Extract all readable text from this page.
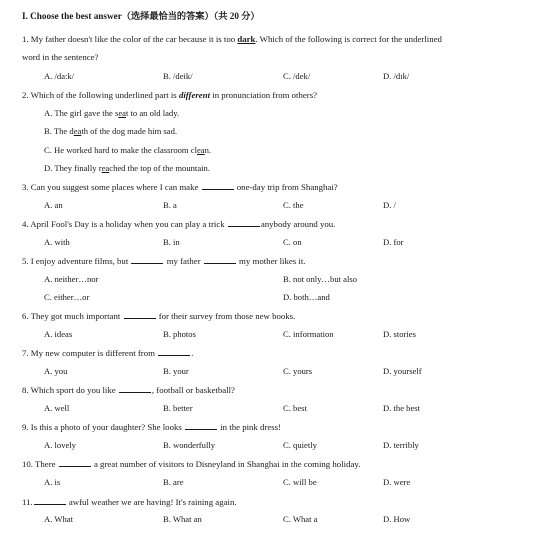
I. Choose the best answer（选择最恰当的答案）（共 20 分）
1. My father doesn't like the color of the car because it is too dark. Which of the following is correct for the underlined
word in the sentence?
A. /da:k/	B. /deik/	C. /dek/	D. /dɪk/
2. Which of the following underlined part is different in pronunciation from others?
A. The girl gave the seat to an old lady.
B. The death of the dog made him sad.
C. He worked hard to make the classroom clean.
D. They finally reached the top of the mountain.
3. Can you suggest some places where I can make	one-day trip from Shanghai?
A. an	B. a	C. the	D. /
4. April Fool's Day is a holiday when you can play a trick	anybody around you.
A. with	B. in	C. on	D. for
5. I enjoy adventure films, but	my father	my mother likes it.
A. neither…nor	B. not only…but also
C. either…or	D. both…and
6. They got much important	for their survey from those new books.
A. ideas	B. photos	C. information	D. stories
7. My new computer is different from	.
A. you	B. your	C. yours	D. yourself
8. Which sport do you like	, football or basketball?
A. well	B. better	C. best	D. the best
9. Is this a photo of your daughter? She looks	in the pink dress!
A. lovely	B. wonderfully	C. quietly	D. terribly
10. There	a great number of visitors to Disneyland in Shanghai in the coming holiday.
A. is	B. are	C. will be	D. were
11.	awful weather we are having! It's raining again.
A. What	B. What an	C. What a	D. How
